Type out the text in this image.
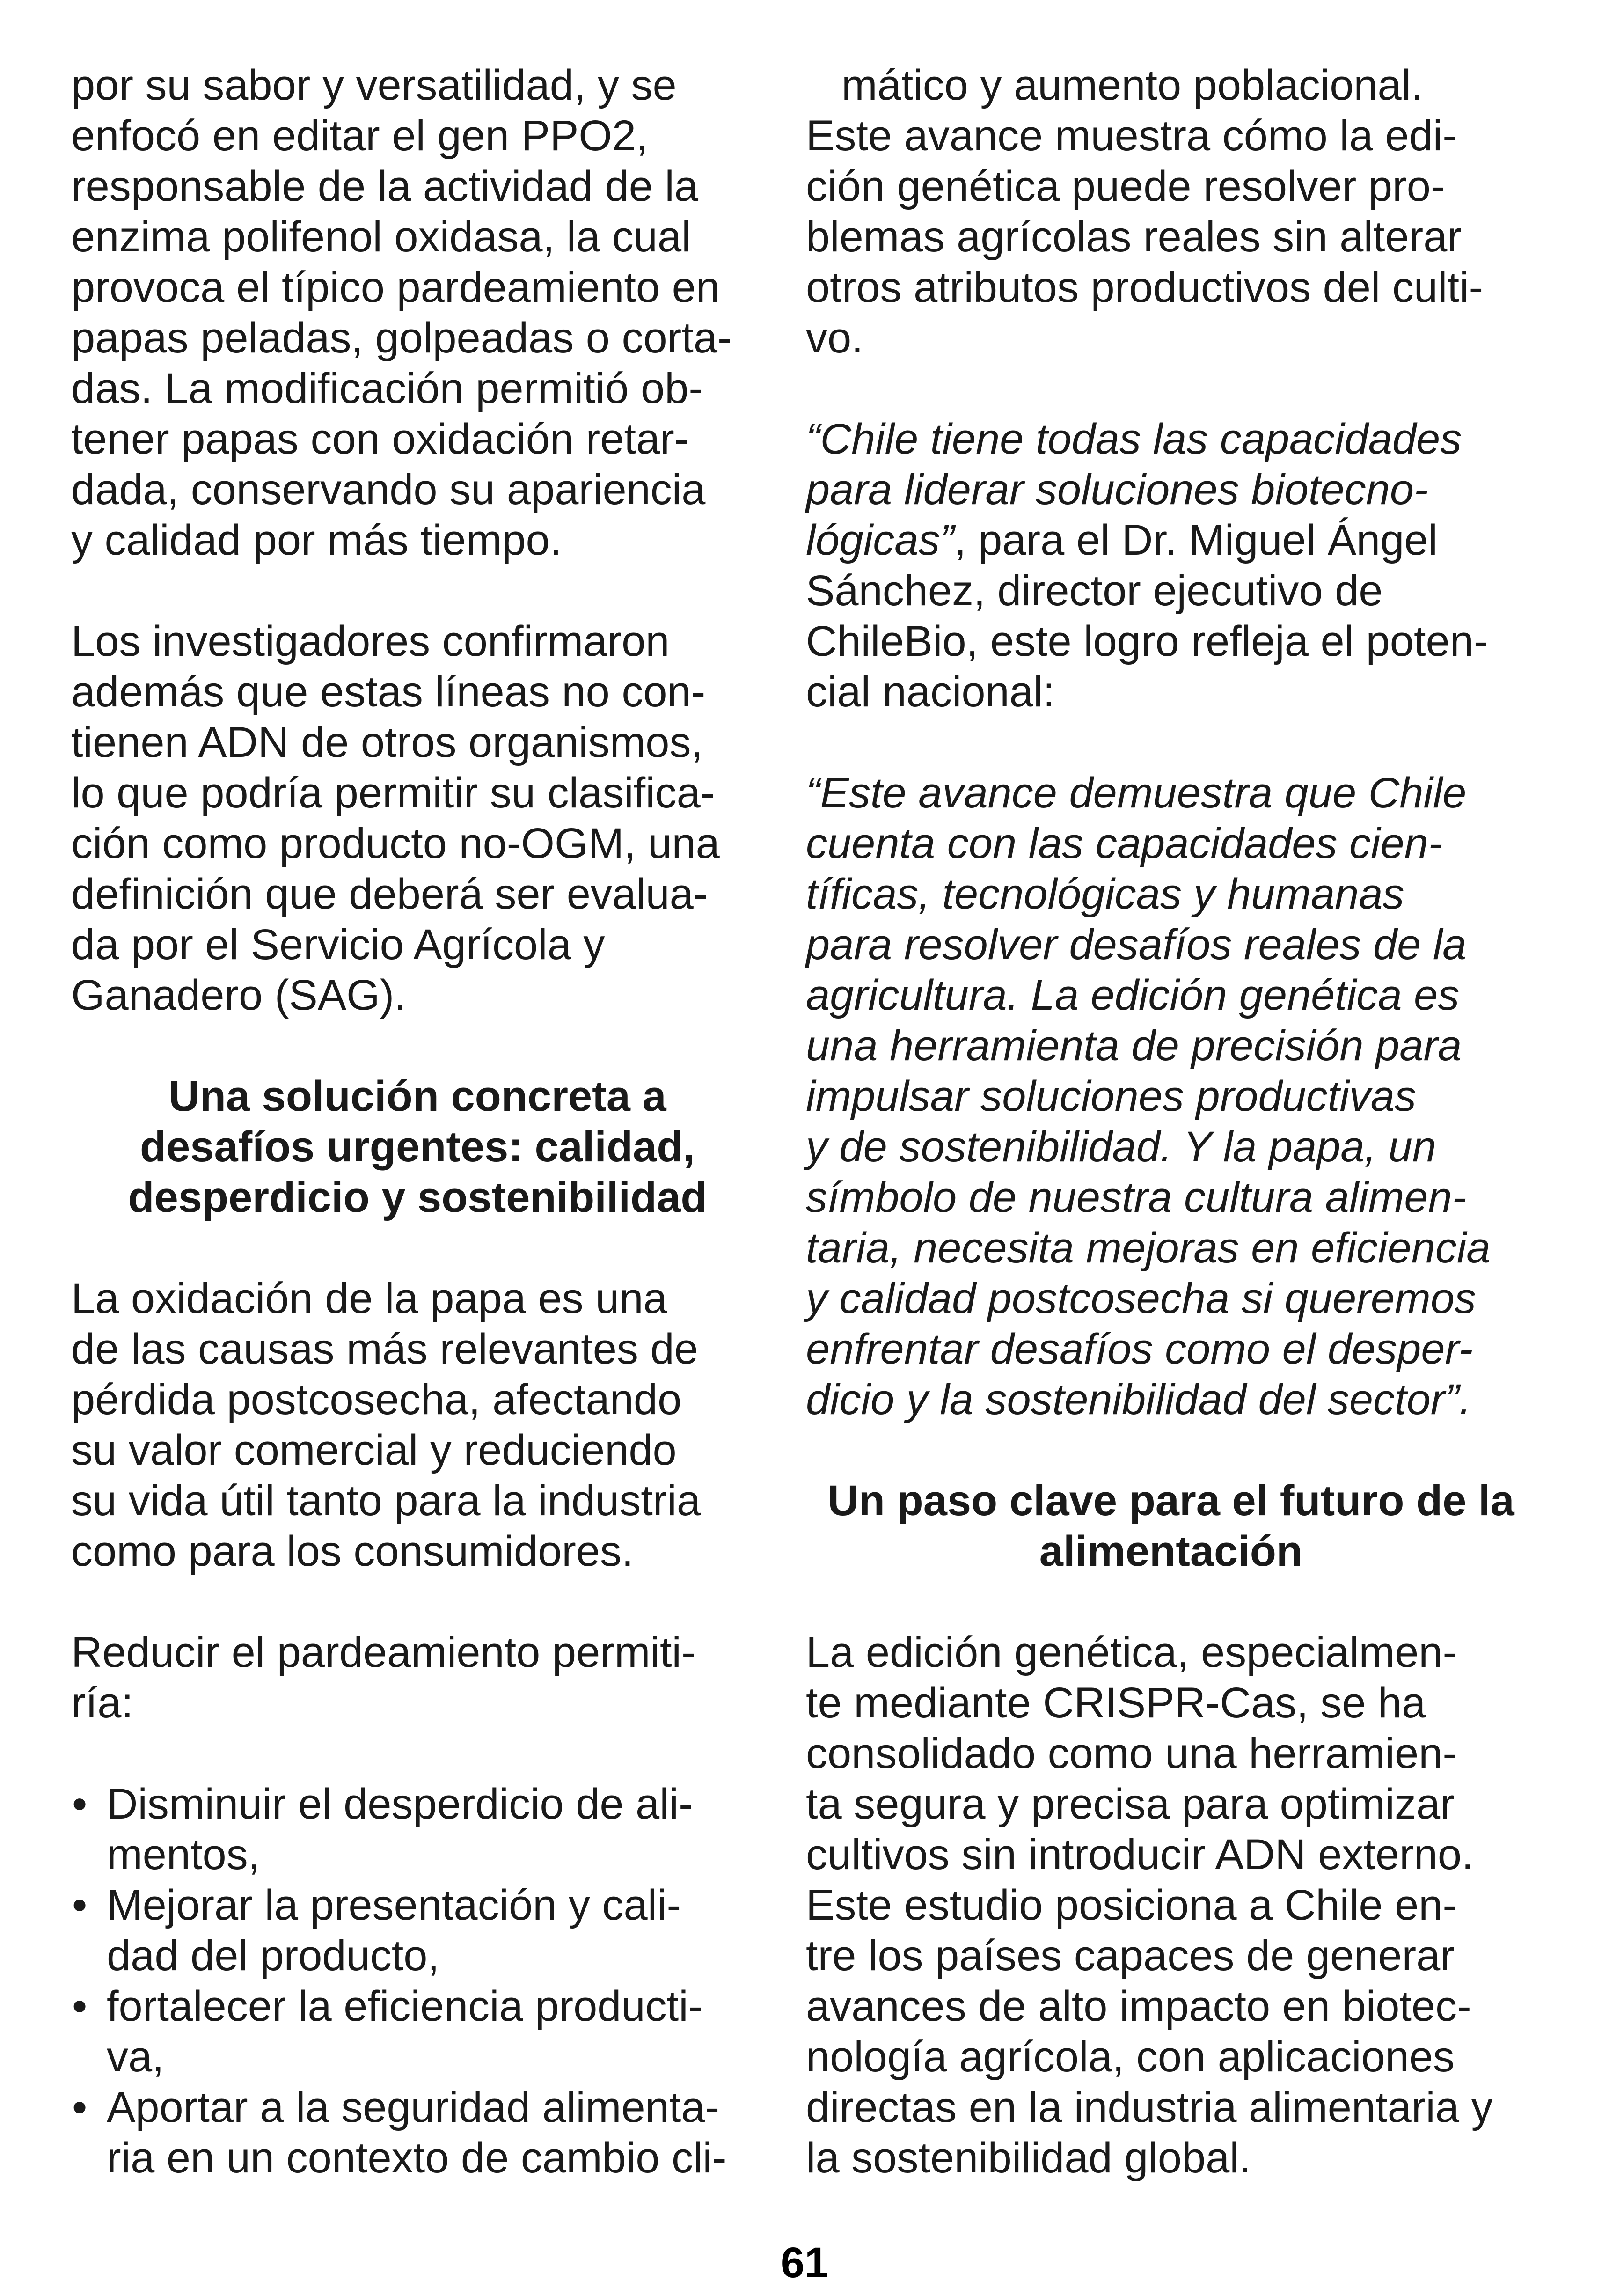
por su sabor y versatilidad, y se
enfocó en editar el gen PPO2,
responsable de la actividad de la
enzima polifenol oxidasa, la cual
provoca el típico pardeamiento en
papas peladas, golpeadas o corta-
das. La modificación permitió ob-
tener papas con oxidación retar-
dada, conservando su apariencia
y calidad por más tiempo.

Los investigadores confirmaron
además que estas líneas no con-
tienen ADN de otros organismos,
lo que podría permitir su clasifica-
ción como producto no-OGM, una
definición que deberá ser evalua-
da por el Servicio Agrícola y
Ganadero (SAG).

Una solución concreta a
desafíos urgentes: calidad,
desperdicio y sostenibilidad

La oxidación de la papa es una
de las causas más relevantes de
pérdida postcosecha, afectando
su valor comercial y reduciendo
su vida útil tanto para la industria
como para los consumidores.

Reducir el pardeamiento permiti-
ría:

• Disminuir el desperdicio de ali-
mentos,
• Mejorar la presentación y cali-
dad del producto,
• fortalecer la eficiencia producti-
va,
• Aportar a la seguridad alimenta-
ria en un contexto de cambio cli-

mático y aumento poblacional.
Este avance muestra cómo la edi-
ción genética puede resolver pro-
blemas agrícolas reales sin alterar
otros atributos productivos del culti-
vo.

“Chile tiene todas las capacidades
para liderar soluciones biotecno-
lógicas”, para el Dr. Miguel Ángel
Sánchez, director ejecutivo de
ChileBio, este logro refleja el poten-
cial nacional:

“Este avance demuestra que Chile
cuenta con las capacidades cien-
tíficas, tecnológicas y humanas
para resolver desafíos reales de la
agricultura. La edición genética es
una herramienta de precisión para
impulsar soluciones productivas
y de sostenibilidad. Y la papa, un
símbolo de nuestra cultura alimen-
taria, necesita mejoras en eficiencia
y calidad postcosecha si queremos
enfrentar desafíos como el desper-
dicio y la sostenibilidad del sector”.

Un paso clave para el futuro de la
alimentación

La edición genética, especialmen-
te mediante CRISPR-Cas, se ha
consolidado como una herramien-
ta segura y precisa para optimizar
cultivos sin introducir ADN externo.
Este estudio posiciona a Chile en-
tre los países capaces de generar
avances de alto impacto en biotec-
nología agrícola, con aplicaciones
directas en la industria alimentaria y
la sostenibilidad global.

61
